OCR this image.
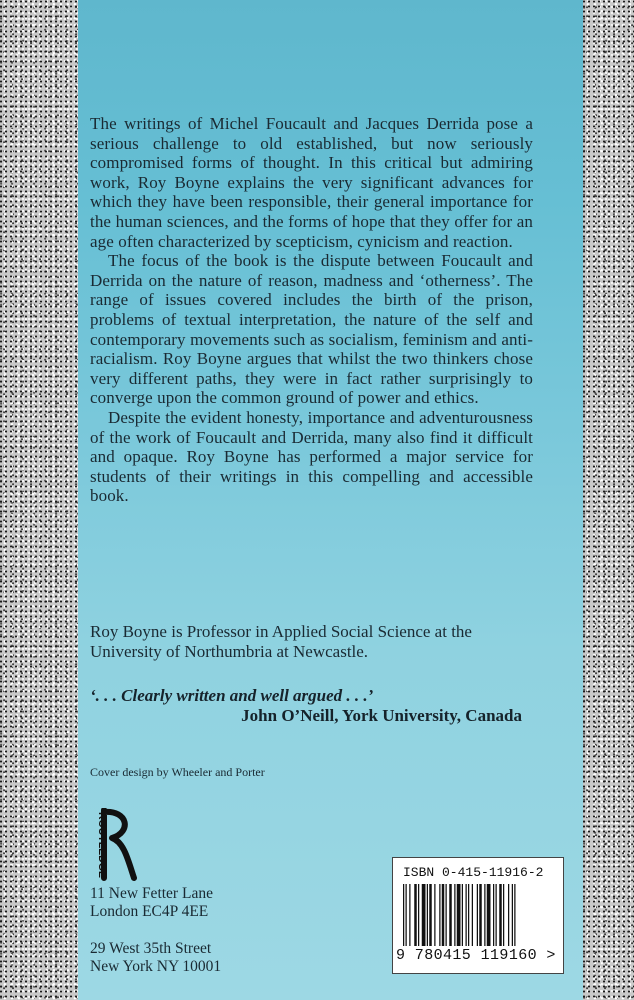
The writings of Michel Foucault and Jacques Derrida pose a serious challenge to old established, but now seriously compromised forms of thought. In this critical but admiring work, Roy Boyne explains the very significant advances for which they have been responsible, their general importance for the human sciences, and the forms of hope that they offer for an age often characterized by scepticism, cynicism and reaction.

The focus of the book is the dispute between Foucault and Derrida on the nature of reason, madness and ‘otherness’. The range of issues covered includes the birth of the prison, problems of textual interpretation, the nature of the self and contemporary movements such as socialism, feminism and anti-racialism. Roy Boyne argues that whilst the two thinkers chose very different paths, they were in fact rather surprisingly to converge upon the common ground of power and ethics.

Despite the evident honesty, importance and adventurousness of the work of Foucault and Derrida, many also find it difficult and opaque. Roy Boyne has performed a major service for students of their writings in this compelling and accessible book.

Roy Boyne is Professor in Applied Social Science at the University of Northumbria at Newcastle.
‘. . . Clearly written and well argued . . .’
John O’Neill, York University, Canada
Cover design by Wheeler and Porter
ROUTLEDGE
11 New Fetter Lane
London EC4P 4EE
29 West 35th Street
New York NY 10001
ISBN 0-415-11916-2
9 780415 119160 >
